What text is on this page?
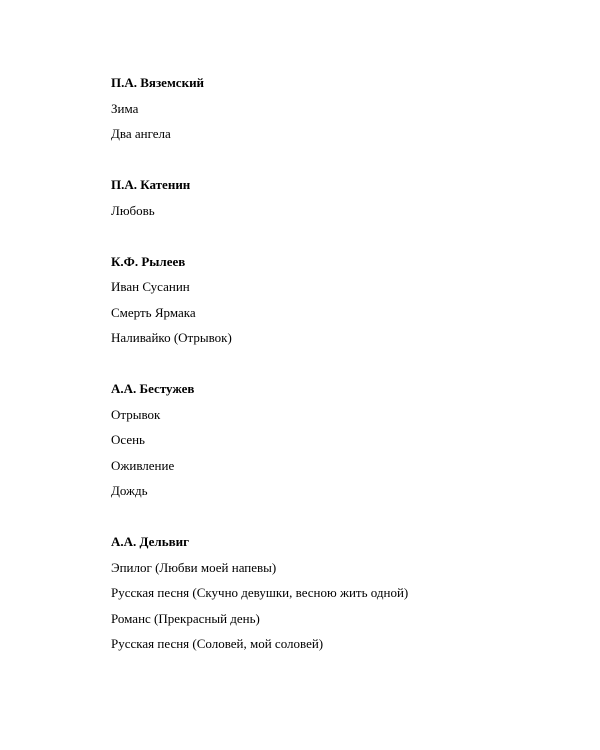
П.А. Вяземский
Зима
Два ангела
П.А. Катенин
Любовь
К.Ф. Рылеев
Иван Сусанин
Смерть Ярмака
Наливайко (Отрывок)
А.А. Бестужев
Отрывок
Осень
Оживление
Дождь
А.А. Дельвиг
Эпилог (Любви моей напевы)
Русская песня (Скучно девушки, весною жить одной)
Романс (Прекрасный день)
Русская песня (Соловей, мой соловей)
